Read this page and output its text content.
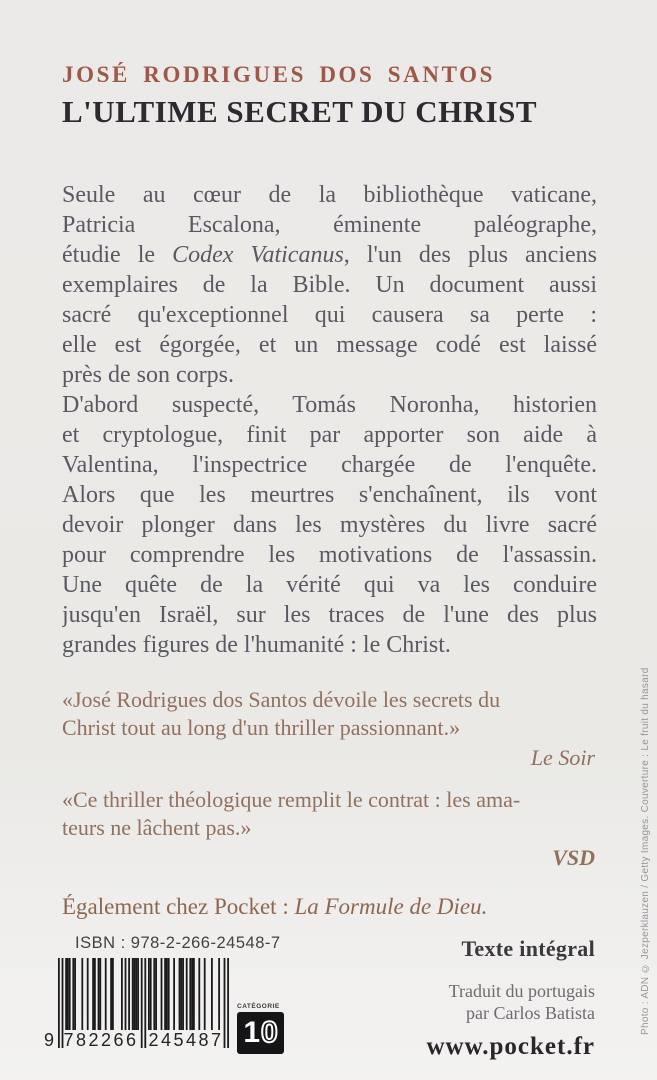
JOSÉ RODRIGUES DOS SANTOS
L'ULTIME SECRET DU CHRIST
Seule au cœur de la bibliothèque vaticane,
Patricia Escalona, éminente paléographe,
étudie le Codex Vaticanus, l'un des plus anciens
exemplaires de la Bible. Un document aussi
sacré qu'exceptionnel qui causera sa perte :
elle est égorgée, et un message codé est laissé
près de son corps.
D'abord suspecté, Tomás Noronha, historien
et cryptologue, finit par apporter son aide à
Valentina, l'inspectrice chargée de l'enquête.
Alors que les meurtres s'enchaînent, ils vont
devoir plonger dans les mystères du livre sacré
pour comprendre les motivations de l'assassin.
Une quête de la vérité qui va les conduire
jusqu'en Israël, sur les traces de l'une des plus
grandes figures de l'humanité : le Christ.
«José Rodrigues dos Santos dévoile les secrets du
Christ tout au long d'un thriller passionnant.»
Le Soir
«Ce thriller théologique remplit le contrat : les ama-
teurs ne lâchent pas.»
VSD
Également chez Pocket : La Formule de Dieu.
ISBN : 978-2-266-24548-7
9 782266 245487
CATÉGORIE
1 0
Texte intégral
Traduit du portugais
par Carlos Batista
www.pocket.fr
Photo : ADN © Jezperklauzen / Getty Images. Couverture : Le fruit du hasard
